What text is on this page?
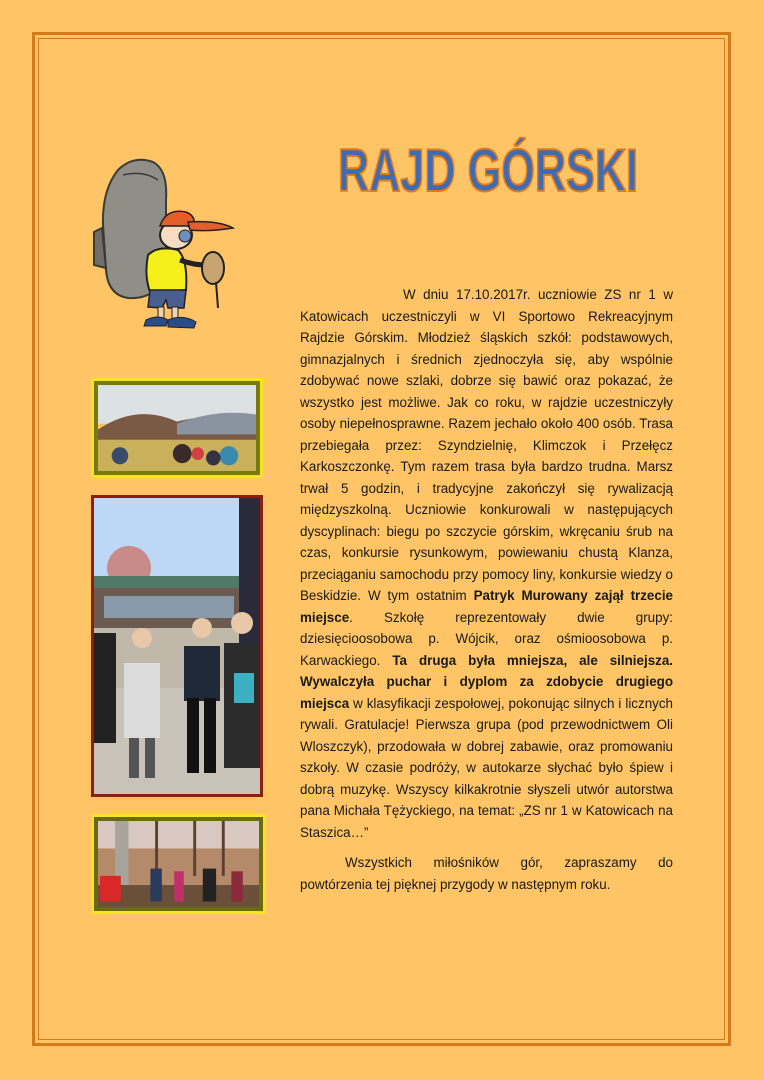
RAJD GÓRSKI

W dniu 17.10.2017r. uczniowie ZS nr 1 w Katowicach uczestniczyli w VI Sportowo Rekreacyjnym Rajdzie Górskim. Młodzież śląskich szkół: podstawowych, gimnazjalnych i średnich zjednoczyła się, aby wspólnie zdobywać nowe szlaki, dobrze się bawić oraz pokazać, że wszystko jest możliwe. Jak co roku, w rajdzie uczestniczyły osoby niepełnosprawne. Razem jechało około 400 osób. Trasa przebiegała przez: Szyndzielnię, Klimczok i Przełęcz Karkoszczonkę. Tym razem trasa była bardzo trudna. Marsz trwał 5 godzin, i tradycyjne zakończył się rywalizacją międzyszkolną. Uczniowie konkurowali w następujących dyscyplinach: biegu po szczycie górskim, wkręcaniu śrub na czas, konkursie rysunkowym, powiewaniu chustą Klanza, przeciąganiu samochodu przy pomocy liny, konkursie wiedzy o Beskidzie. W tym ostatnim Patryk Murowany zajął trzecie miejsce. Szkołę reprezentowały dwie grupy: dziesięcioosobowa p. Wójcik, oraz ośmioosobowa p. Karwackiego. Ta druga była mniejsza, ale silniejsza. Wywalczyła puchar i dyplom za zdobycie drugiego miejsca w klasyfikacji zespołowej, pokonując silnych i licznych rywali. Gratulacje! Pierwsza grupa (pod przewodnictwem Oli Wloszczyk), przodowała w dobrej zabawie, oraz promowaniu szkoły. W czasie podróży, w autokarze słychać było śpiew i dobrą muzykę. Wszyscy kilkakrotnie słyszeli utwór autorstwa pana Michała Tężyckiego, na temat: „ZS nr 1 w Katowicach na Staszica…”

Wszystkich miłośników gór, zapraszamy do powtórzenia tej pięknej przygody w następnym roku.
